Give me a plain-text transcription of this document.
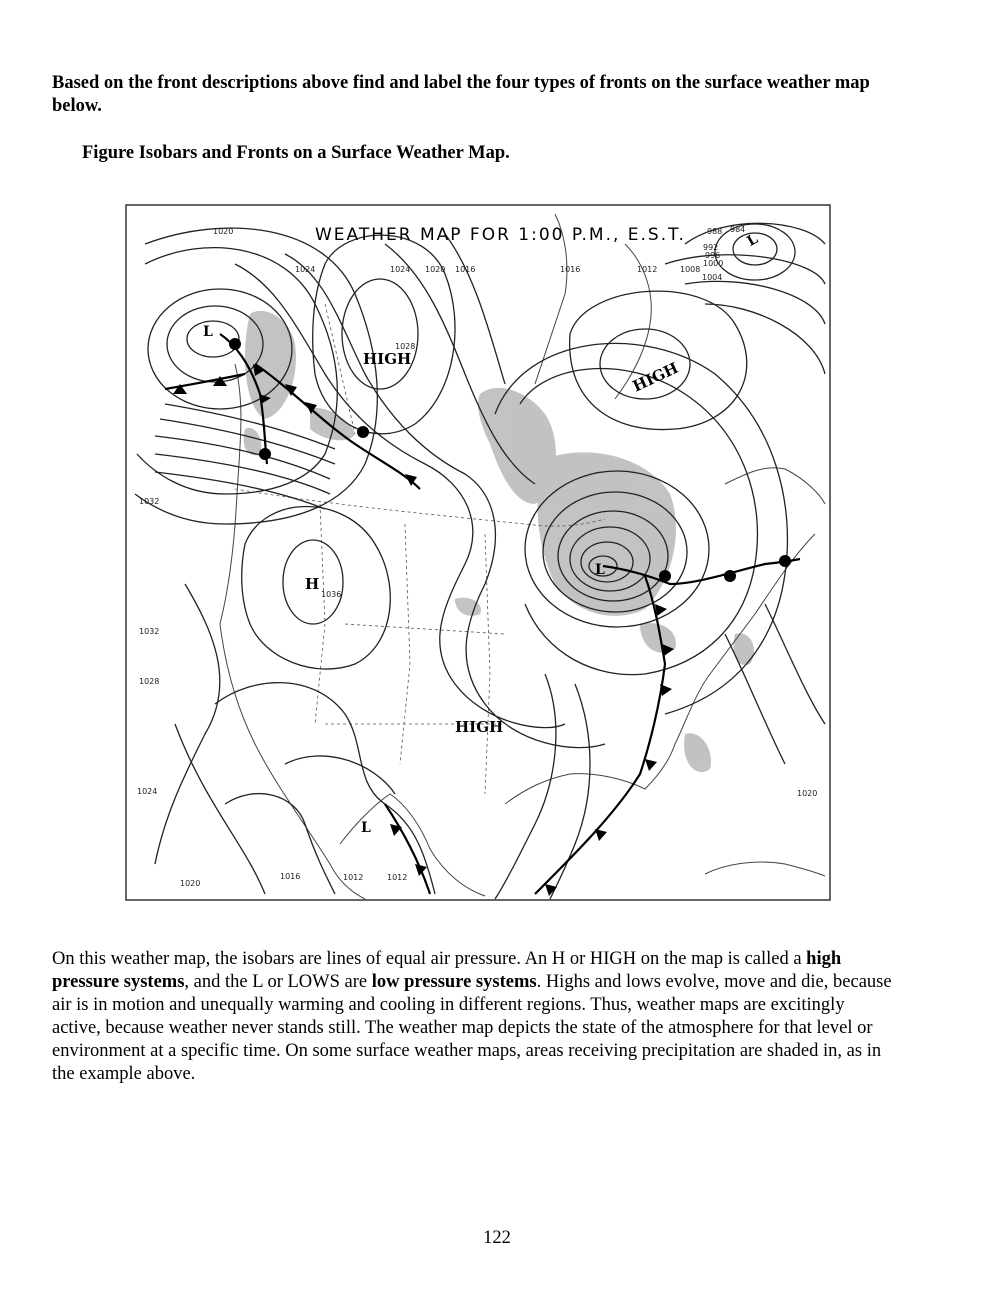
Based on the front descriptions above find and label the four types of fronts on the surface weather map below.
Figure Isobars and Fronts on a Surface Weather Map.
WEATHER MAP FOR 1:00 P.M., E.S.T.
HIGH	HIGH
HIGH
H
L
L
L
L
1020
1024	1024 1020 1016	1016	1012	1008
1004
1000
996
992
988 984
1028
1032
1036
1020
1016	1012	1012
1024	1020
1032
1028
On this weather map, the isobars are lines of equal air pressure. An H or HIGH on the map is called a high pressure systems, and the L or LOWS are low pressure systems. Highs and lows evolve, move and die, because air is in motion and unequally warming and cooling in different regions. Thus, weather maps are excitingly active, because weather never stands still. The weather map depicts the state of the atmosphere for that level or environment at a specific time. On some surface weather maps, areas receiving precipitation are shaded in, as in the example above.
122
